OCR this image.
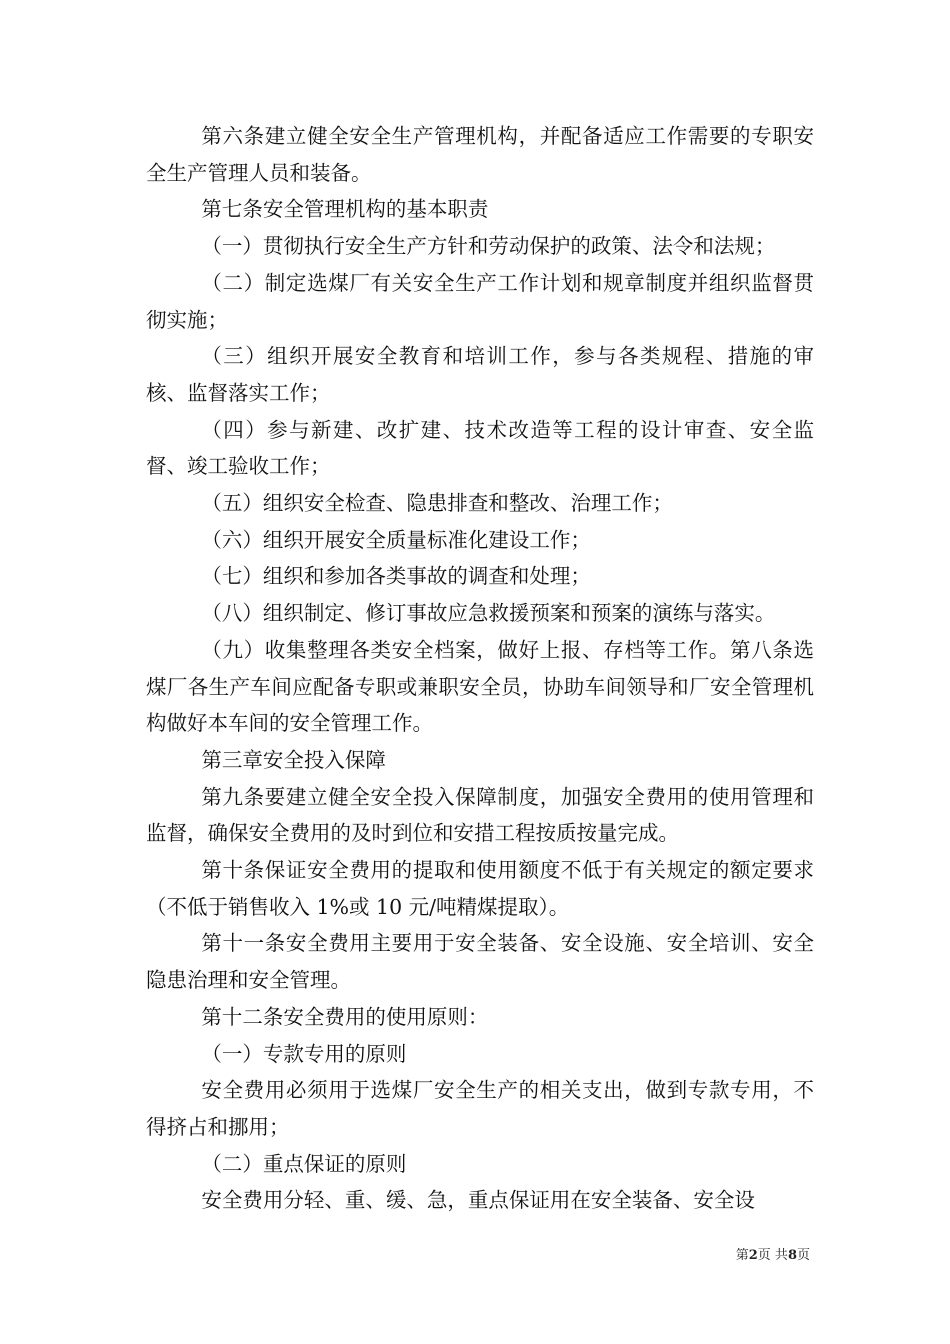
第六条建立健全安全生产管理机构，并配备适应工作需要的专职安全生产管理人员和装备。

第七条安全管理机构的基本职责

（一）贯彻执行安全生产方针和劳动保护的政策、法令和法规；

（二）制定选煤厂有关安全生产工作计划和规章制度并组织监督贯彻实施；

（三）组织开展安全教育和培训工作，参与各类规程、措施的审核、监督落实工作；

（四）参与新建、改扩建、技术改造等工程的设计审查、安全监督、竣工验收工作；

（五）组织安全检查、隐患排查和整改、治理工作；

（六）组织开展安全质量标准化建设工作；

（七）组织和参加各类事故的调查和处理；

（八）组织制定、修订事故应急救援预案和预案的演练与落实。

（九）收集整理各类安全档案，做好上报、存档等工作。第八条选煤厂各生产车间应配备专职或兼职安全员，协助车间领导和厂安全管理机构做好本车间的安全管理工作。

第三章安全投入保障

第九条要建立健全安全投入保障制度，加强安全费用的使用管理和监督，确保安全费用的及时到位和安措工程按质按量完成。

第十条保证安全费用的提取和使用额度不低于有关规定的额定要求（不低于销售收入 1%或 10 元/吨精煤提取）。

第十一条安全费用主要用于安全装备、安全设施、安全培训、安全隐患治理和安全管理。

第十二条安全费用的使用原则：

（一）专款专用的原则

安全费用必须用于选煤厂安全生产的相关支出，做到专款专用，不得挤占和挪用；

（二）重点保证的原则

安全费用分轻、重、缓、急，重点保证用在安全装备、安全设

第2页 共8页
